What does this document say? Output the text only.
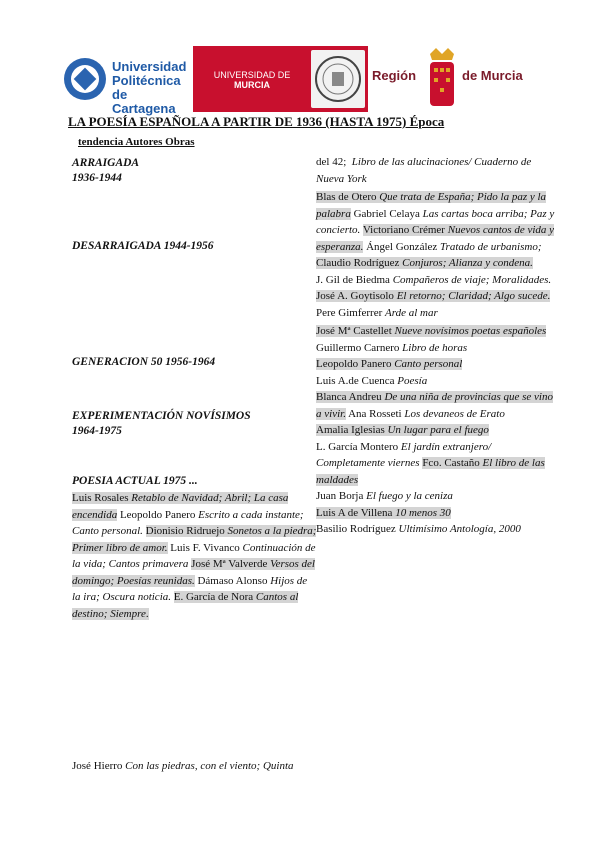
Universidad
Politécnica
de Cartagena
UNIVERSIDAD DE
MURCIA
Región	de Murcia
LA POESÍA ESPAÑOLA A PARTIR DE 1936 (HASTA 1975) Época
tendencia Autores Obras
ARRAIGADA
1936-1944
DESARRAIGADA 1944-1956
GENERACION 50 1956-1964
EXPERIMENTACIÓN NOVÍSIMOS
1964-1975
POESIA ACTUAL 1975 ...

Luis Rosales Retablo de Navidad; Abril; La casa encendida Leopoldo Panero Escrito a cada instante; Canto personal. Dionisio Ridruejo Sonetos a la piedra; Primer libro de amor. Luis F. Vivanco Continuación de la vida; Cantos primavera José Mª Valverde Versos del domingo; Poesías reunidas. Dámaso Alonso Hijos de la ira; Oscura noticia. E. García de Nora Cantos al destino; Siempre.

del 42; Libro de las alucinaciones/ Cuaderno de Nueva York

Blas de Otero Que trata de España; Pido la paz y la palabra Gabriel Celaya Las cartas boca arriba; Paz y concierto. Victoriano Crémer Nuevos cantos de vida y esperanza. Ángel González Tratado de urbanismo;

Claudio Rodríguez Conjuros; Alianza y condena.

J. Gil de Biedma Compañeros de viaje; Moralidades. José A. Goytisolo El retorno; Claridad; Algo sucede. Pere Gimferrer Arde al mar

José Mª Castellet Nueve novísimos poetas españoles Guillermo Carnero Libro de horas

Leopoldo Panero Canto personal

Luis A.de Cuenca Poesía

Blanca Andreu De una niña de provincias que se vino a vivir. Ana Rosseti Los devaneos de Erato

Amalia Iglesias Un lugar para el fuego

L. García Montero El jardín extranjero/ Completamente viernes Fco. Castaño El libro de las maldades

Juan Borja El fuego y la ceniza

Luis A de Villena 10 menos 30

Basilio Rodríguez Ultimísimo Antología, 2000

José Hierro Con las piedras, con el viento; Quinta
